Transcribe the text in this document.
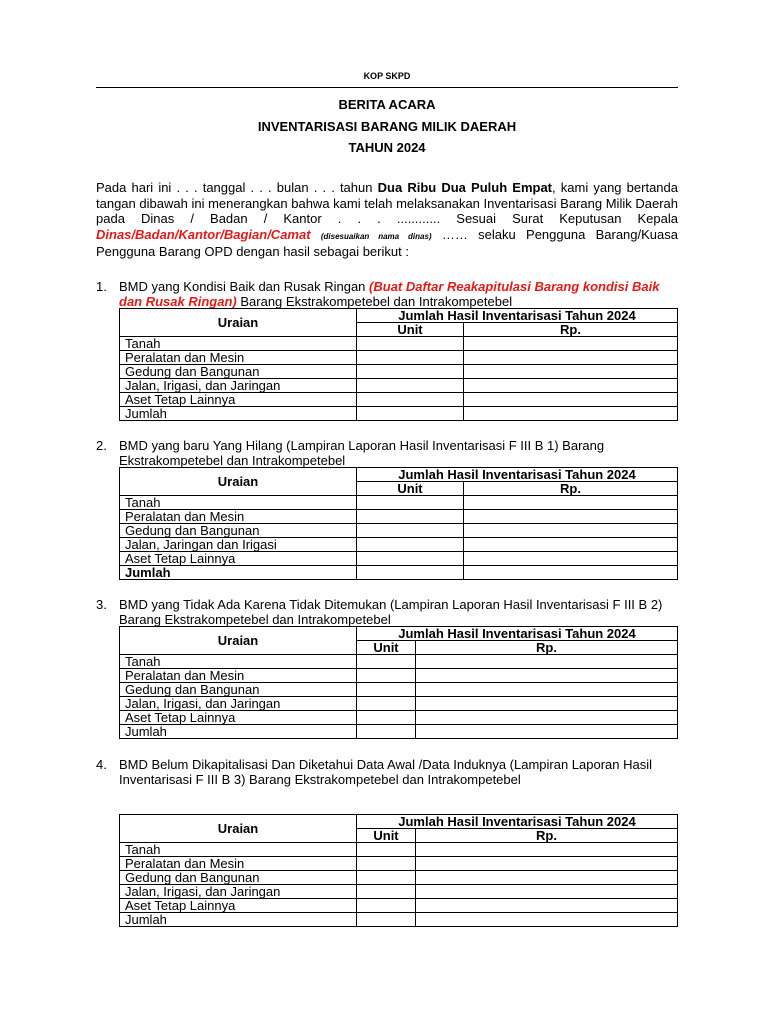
KOP SKPD
BERITA ACARA
INVENTARISASI BARANG MILIK DAERAH
TAHUN 2024
Pada hari ini . . . tanggal . . . bulan . . . tahun Dua Ribu Dua Puluh Empat, kami yang bertanda tangan dibawah ini menerangkan bahwa kami telah melaksanakan Inventarisasi Barang Milik Daerah pada Dinas / Badan / Kantor . . . ............ Sesuai Surat Keputusan Kepala Dinas/Badan/Kantor/Bagian/Camat (disesuaikan nama dinas) …… selaku Pengguna Barang/Kuasa Pengguna Barang OPD dengan hasil sebagai berikut :
1. BMD yang Kondisi Baik dan Rusak Ringan (Buat Daftar Reakapitulasi Barang kondisi Baik dan Rusak Ringan) Barang Ekstrakompetebel dan Intrakompetebel
Uraian	Jumlah Hasil Inventarisasi Tahun 2024	
	Unit	Rp.
Tanah		
Peralatan dan Mesin		
Gedung dan Bangunan		
Jalan, Irigasi, dan Jaringan		
Aset Tetap Lainnya		
Jumlah		
2. BMD yang baru Yang Hilang (Lampiran Laporan Hasil Inventarisasi F III B 1) Barang Ekstrakompetebel dan Intrakompetebel
Uraian	Jumlah Hasil Inventarisasi Tahun 2024	
	Unit	Rp.
Tanah		
Peralatan dan Mesin		
Gedung dan Bangunan		
Jalan, Jaringan dan Irigasi		
Aset Tetap Lainnya		
Jumlah		
3. BMD yang Tidak Ada Karena Tidak Ditemukan (Lampiran Laporan Hasil Inventarisasi F III B 2) Barang Ekstrakompetebel dan Intrakompetebel
Uraian	Jumlah Hasil Inventarisasi Tahun 2024	
	Unit	Rp.
Tanah		
Peralatan dan Mesin		
Gedung dan Bangunan		
Jalan, Irigasi, dan Jaringan		
Aset Tetap Lainnya		
Jumlah		
4. BMD Belum Dikapitalisasi Dan Diketahui Data Awal /Data Induknya (Lampiran Laporan Hasil Inventarisasi F III B 3) Barang Ekstrakompetebel dan Intrakompetebel
Uraian	Jumlah Hasil Inventarisasi Tahun 2024	
	Unit	Rp.
Tanah		
Peralatan dan Mesin		
Gedung dan Bangunan		
Jalan, Irigasi, dan Jaringan		
Aset Tetap Lainnya		
Jumlah		
